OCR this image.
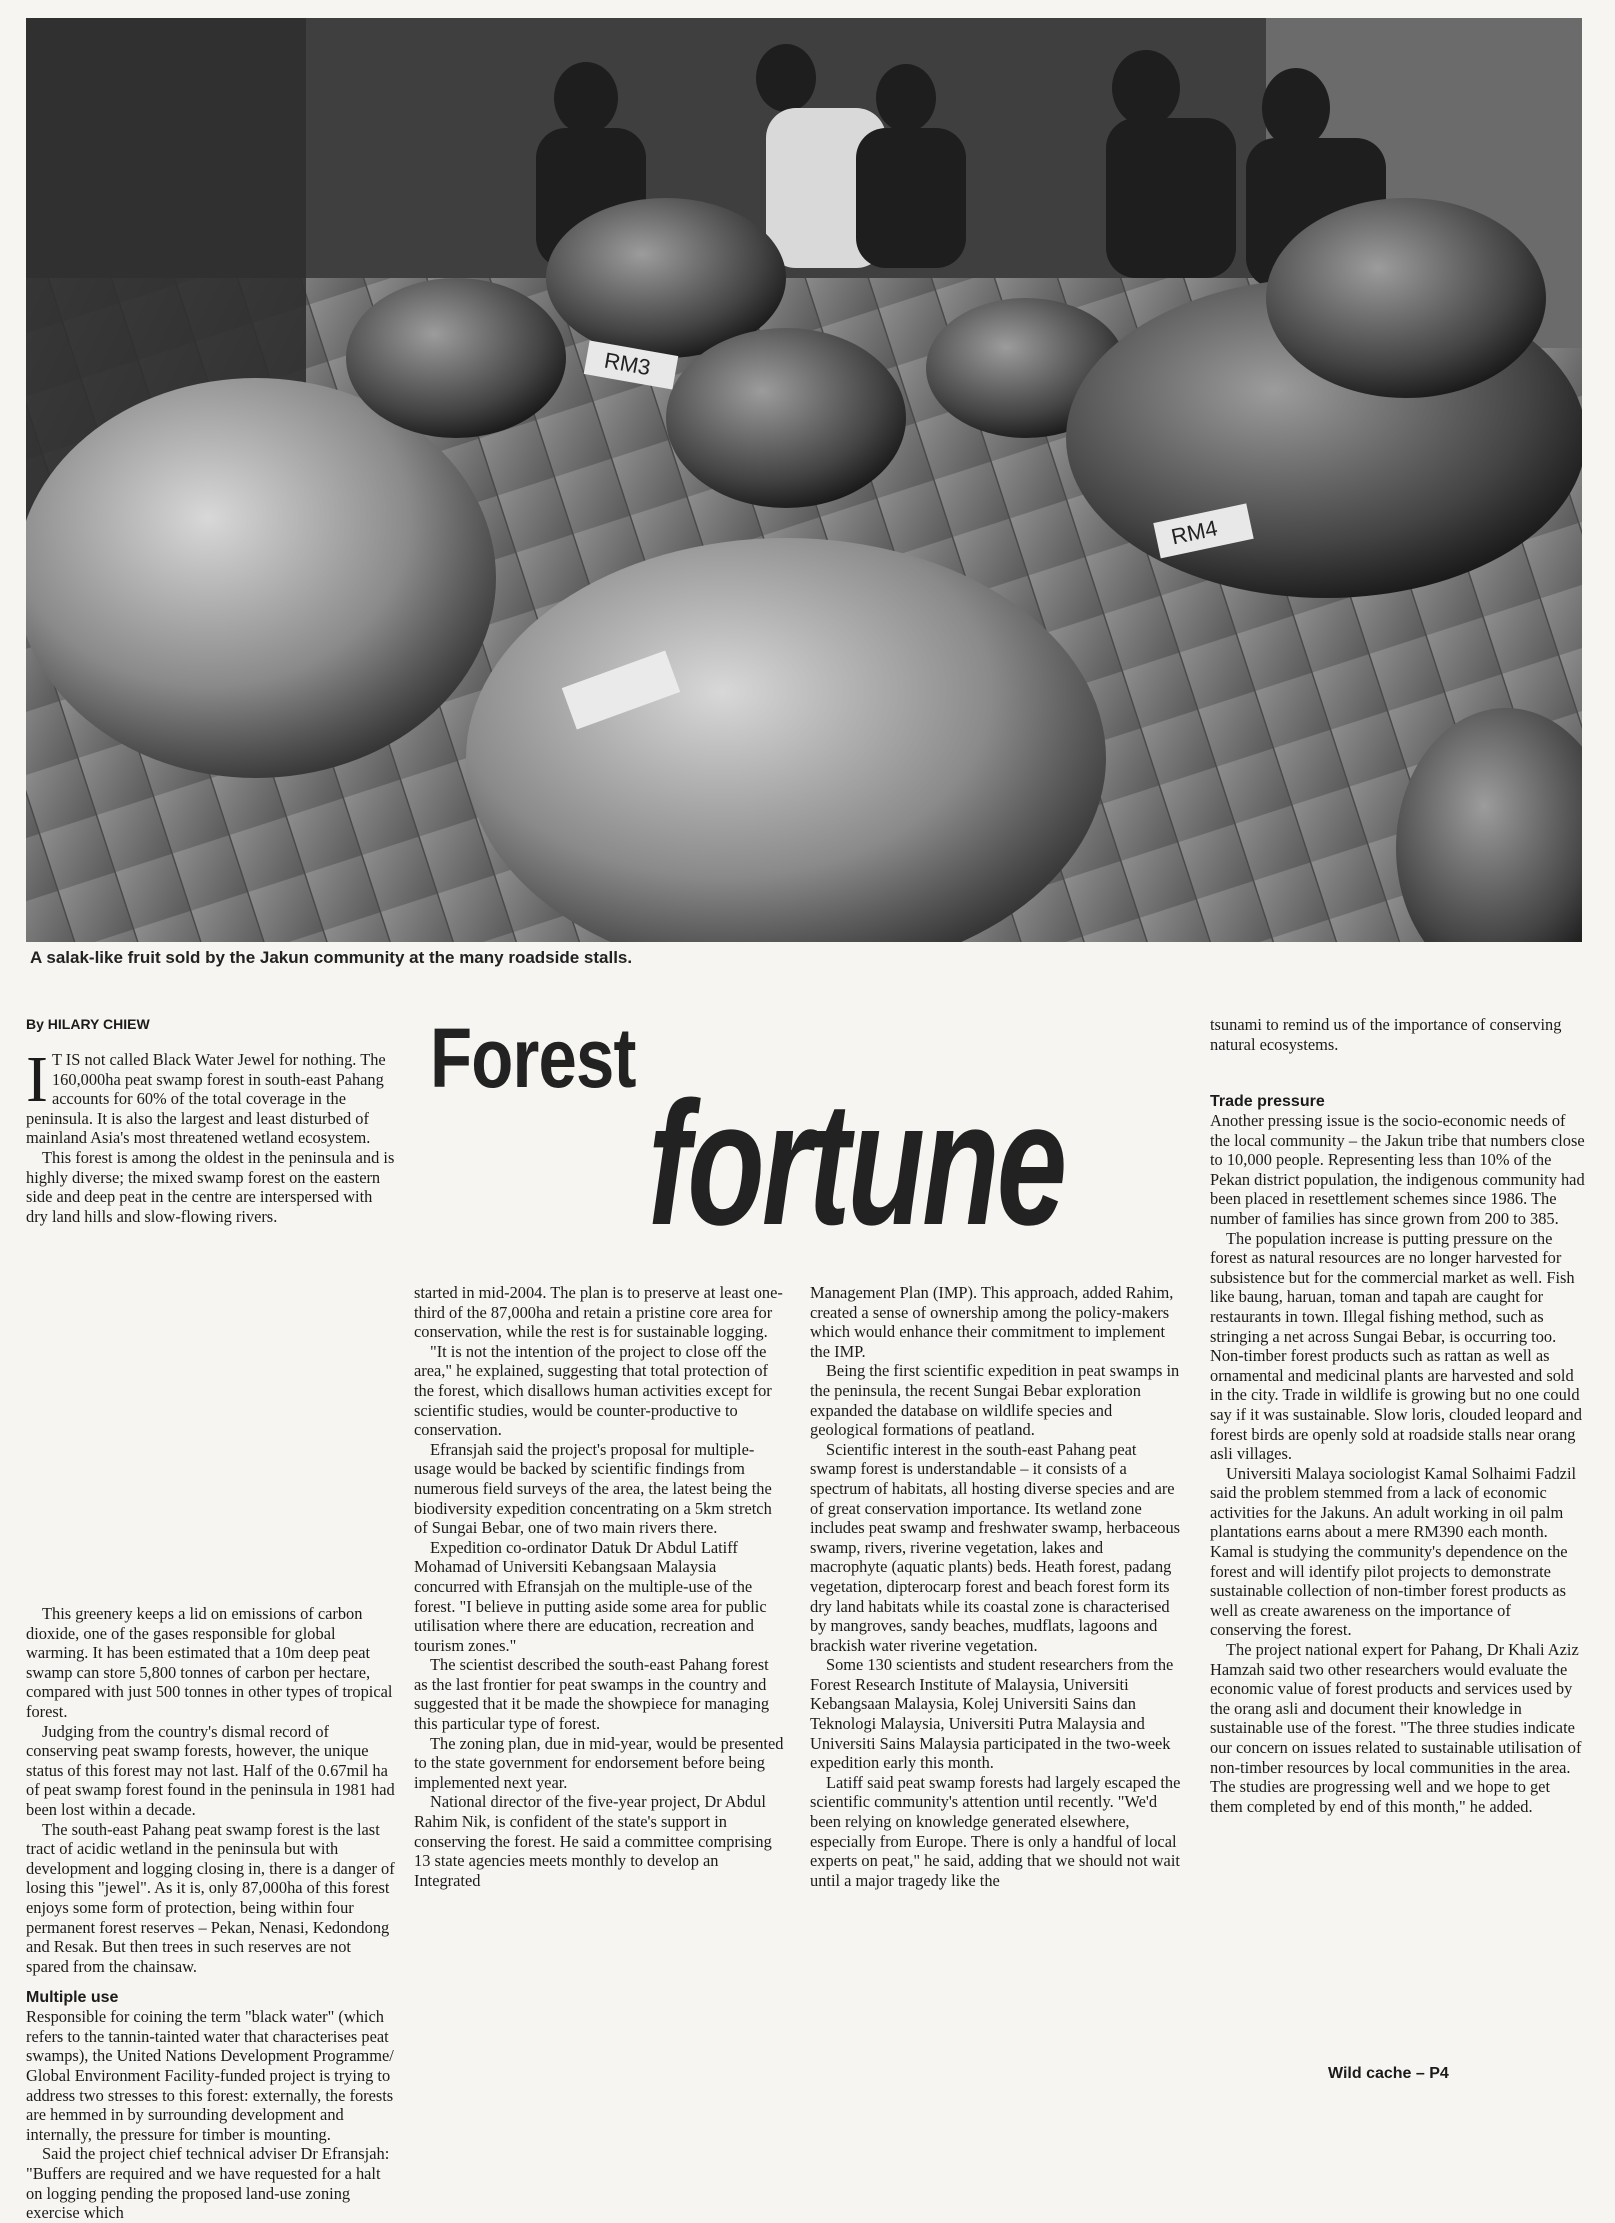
RM3
RM4
A salak-like fruit sold by the Jakun community at the many roadside stalls.
By HILARY CHIEW	Forest
fortune

I T IS not called Black Water Jewel for nothing. The 160,000ha peat swamp forest in south-east Pahang accounts for 60% of the total coverage in the peninsula. It is also the largest and least disturbed of mainland Asia's most threatened wetland ecosystem.

This forest is among the oldest in the peninsula and is highly diverse; the mixed swamp forest on the eastern side and deep peat in the centre are interspersed with dry land hills and slow-flowing rivers.

This greenery keeps a lid on emissions of carbon dioxide, one of the gases responsible for global warming. It has been estimated that a 10m deep peat swamp can store 5,800 tonnes of carbon per hectare, compared with just 500 tonnes in other types of tropical forest.

Judging from the country's dismal record of conserving peat swamp forests, however, the unique status of this forest may not last. Half of the 0.67mil ha of peat swamp forest found in the peninsula in 1981 had been lost within a decade.

The south-east Pahang peat swamp forest is the last tract of acidic wetland in the peninsula but with development and logging closing in, there is a danger of losing this "jewel". As it is, only 87,000ha of this forest enjoys some form of protection, being within four permanent forest reserves – Pekan, Nenasi, Kedondong and Resak. But then trees in such reserves are not spared from the chainsaw.

Multiple use

Responsible for coining the term "black water" (which refers to the tannin-tainted water that characterises peat swamps), the United Nations Development Programme/ Global Environment Facility-funded project is trying to address two stresses to this forest: externally, the forests are hemmed in by surrounding development and internally, the pressure for timber is mounting.

Said the project chief technical adviser Dr Efransjah: "Buffers are required and we have requested for a halt on logging pending the proposed land-use zoning exercise which

started in mid-2004. The plan is to preserve at least one-third of the 87,000ha and retain a pristine core area for conservation, while the rest is for sustainable logging.

"It is not the intention of the project to close off the area," he explained, suggesting that total protection of the forest, which disallows human activities except for scientific studies, would be counter-productive to conservation.

Efransjah said the project's proposal for multiple-usage would be backed by scientific findings from numerous field surveys of the area, the latest being the biodiversity expedition concentrating on a 5km stretch of Sungai Bebar, one of two main rivers there.

Expedition co-ordinator Datuk Dr Abdul Latiff Mohamad of Universiti Kebangsaan Malaysia concurred with Efransjah on the multiple-use of the forest. "I believe in putting aside some area for public utilisation where there are education, recreation and tourism zones."

The scientist described the south-east Pahang forest as the last frontier for peat swamps in the country and suggested that it be made the showpiece for managing this particular type of forest.

The zoning plan, due in mid-year, would be presented to the state government for endorsement before being implemented next year.

National director of the five-year project, Dr Abdul Rahim Nik, is confident of the state's support in conserving the forest. He said a committee comprising 13 state agencies meets monthly to develop an Integrated

Management Plan (IMP). This approach, added Rahim, created a sense of ownership among the policy-makers which would enhance their commitment to implement the IMP.

Being the first scientific expedition in peat swamps in the peninsula, the recent Sungai Bebar exploration expanded the database on wildlife species and geological formations of peatland.

Scientific interest in the south-east Pahang peat swamp forest is understandable – it consists of a spectrum of habitats, all hosting diverse species and are of great conservation importance. Its wetland zone includes peat swamp and freshwater swamp, herbaceous swamp, rivers, riverine vegetation, lakes and macrophyte (aquatic plants) beds. Heath forest, padang vegetation, dipterocarp forest and beach forest form its dry land habitats while its coastal zone is characterised by mangroves, sandy beaches, mudflats, lagoons and brackish water riverine vegetation.

Some 130 scientists and student researchers from the Forest Research Institute of Malaysia, Universiti Kebangsaan Malaysia, Kolej Universiti Sains dan Teknologi Malaysia, Universiti Putra Malaysia and Universiti Sains Malaysia participated in the two-week expedition early this month.

Latiff said peat swamp forests had largely escaped the scientific community's attention until recently. "We'd been relying on knowledge generated elsewhere, especially from Europe. There is only a handful of local experts on peat," he said, adding that we should not wait until a major tragedy like the

tsunami to remind us of the importance of conserving natural ecosystems.

Trade pressure

Another pressing issue is the socio-economic needs of the local community – the Jakun tribe that numbers close to 10,000 people. Representing less than 10% of the Pekan district population, the indigenous community had been placed in resettlement schemes since 1986. The number of families has since grown from 200 to 385.

The population increase is putting pressure on the forest as natural resources are no longer harvested for subsistence but for the commercial market as well. Fish like baung, haruan, toman and tapah are caught for restaurants in town. Illegal fishing method, such as stringing a net across Sungai Bebar, is occurring too. Non-timber forest products such as rattan as well as ornamental and medicinal plants are harvested and sold in the city. Trade in wildlife is growing but no one could say if it was sustainable. Slow loris, clouded leopard and forest birds are openly sold at roadside stalls near orang asli villages.

Universiti Malaya sociologist Kamal Solhaimi Fadzil said the problem stemmed from a lack of economic activities for the Jakuns. An adult working in oil palm plantations earns about a mere RM390 each month. Kamal is studying the community's dependence on the forest and will identify pilot projects to demonstrate sustainable collection of non-timber forest products as well as create awareness on the importance of conserving the forest.

The project national expert for Pahang, Dr Khali Aziz Hamzah said two other researchers would evaluate the economic value of forest products and services used by the orang asli and document their knowledge in sustainable use of the forest. "The three studies indicate our concern on issues related to sustainable utilisation of non-timber resources by local communities in the area. The studies are progressing well and we hope to get them completed by end of this month," he added.

Wild cache – P4
